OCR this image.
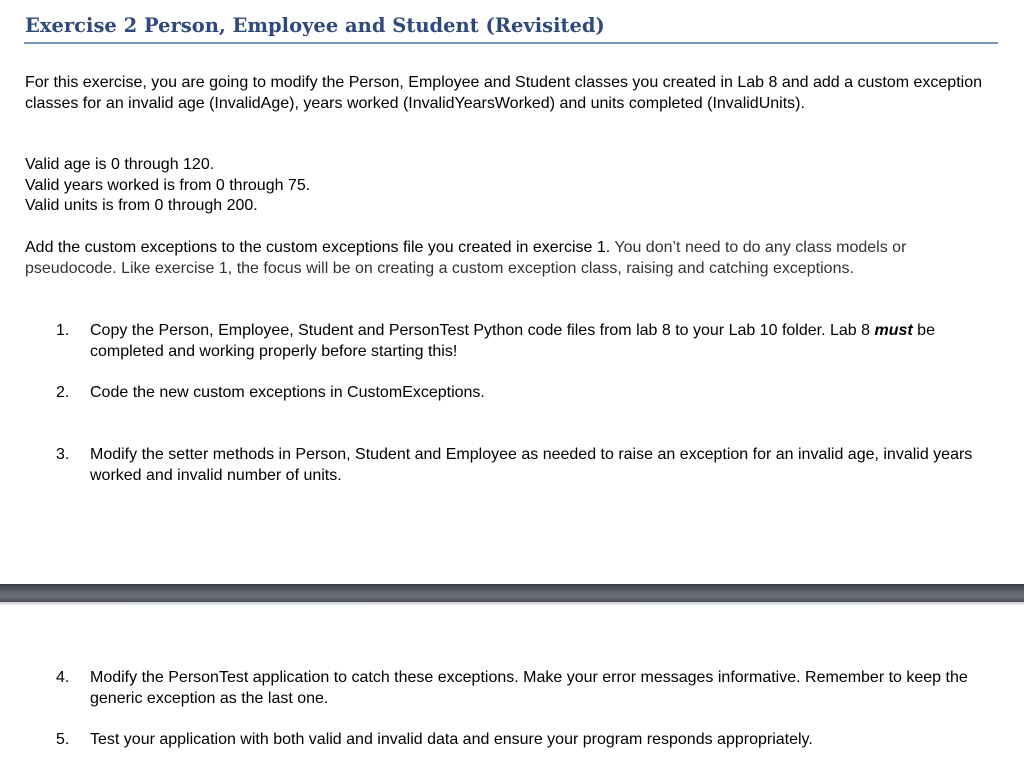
Exercise 2 Person, Employee and Student (Revisited)

For this exercise, you are going to modify the Person, Employee and Student classes you created in Lab 8 and add a custom exception classes for an invalid age (InvalidAge), years worked (InvalidYearsWorked) and units completed (InvalidUnits).

Valid age is 0 through 120.

Valid years worked is from 0 through 75.

Valid units is from 0 through 200.

Add the custom exceptions to the custom exceptions file you created in exercise 1. You don’t need to do any class models or pseudocode. Like exercise 1, the focus will be on creating a custom exception class, raising and catching exceptions.

1. Copy the Person, Employee, Student and PersonTest Python code files from lab 8 to your Lab 10 folder. Lab 8 must be completed and working properly before starting this!
2. Code the new custom exceptions in CustomExceptions.
3. Modify the setter methods in Person, Student and Employee as needed to raise an exception for an invalid age, invalid years worked and invalid number of units.
4. Modify the PersonTest application to catch these exceptions. Make your error messages informative. Remember to keep the generic exception as the last one.
5. Test your application with both valid and invalid data and ensure your program responds appropriately.
